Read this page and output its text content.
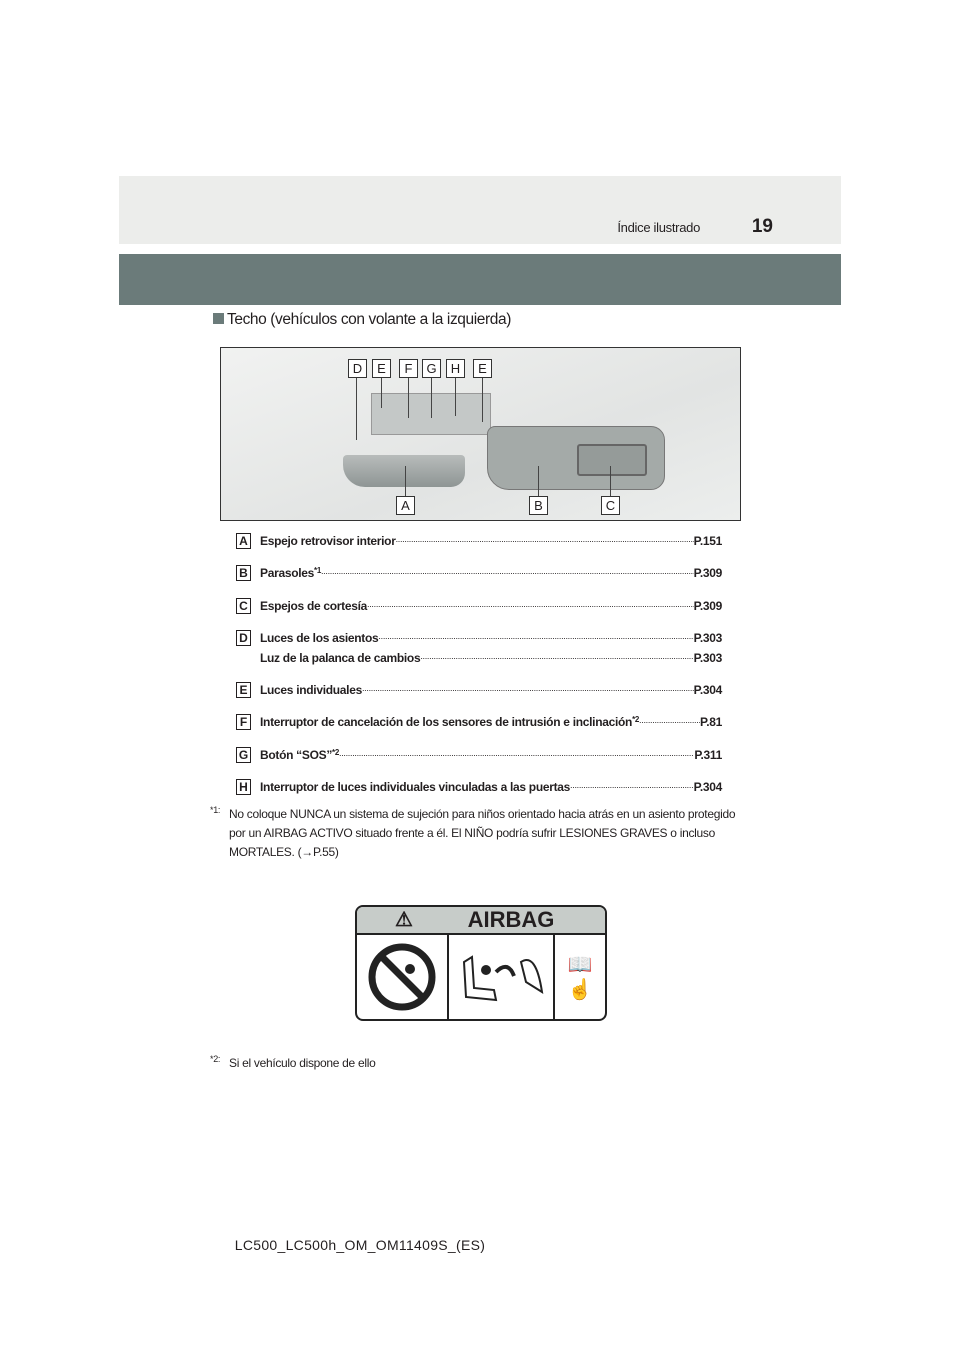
Índice ilustrado	19
Techo (vehículos con volante a la izquierda)
D	E	F	G	H	E
A	B	C
A Espejo retrovisor interior .....	P.151
B Parasoles *1 .....	P.309
C Espejos de cortesía .....	P.309
D Luces de los asientos .....	P.303
Luz de la palanca de cambios .....	P.303
E Luces individuales .....	P.304
F	Interruptor de cancelación de los sensores de intrusión e inclinación *2 .....	P.81
G Botón “SOS” *2 .....	P.311
H Interruptor de luces individuales vinculadas a las puertas .....	P.304
*1: No coloque NUNCA un sistema de sujeción para niños orientado hacia atrás en un asiento protegido por un AIRBAG ACTIVO situado frente a él. El NIÑO podría sufrir LESIONES GRAVES o incluso MORTALES. (→P.55)
⚠ AIRBAG
📖
☝
*2: Si el vehículo dispone de ello
LC500_LC500h_OM_OM11409S_(ES)
